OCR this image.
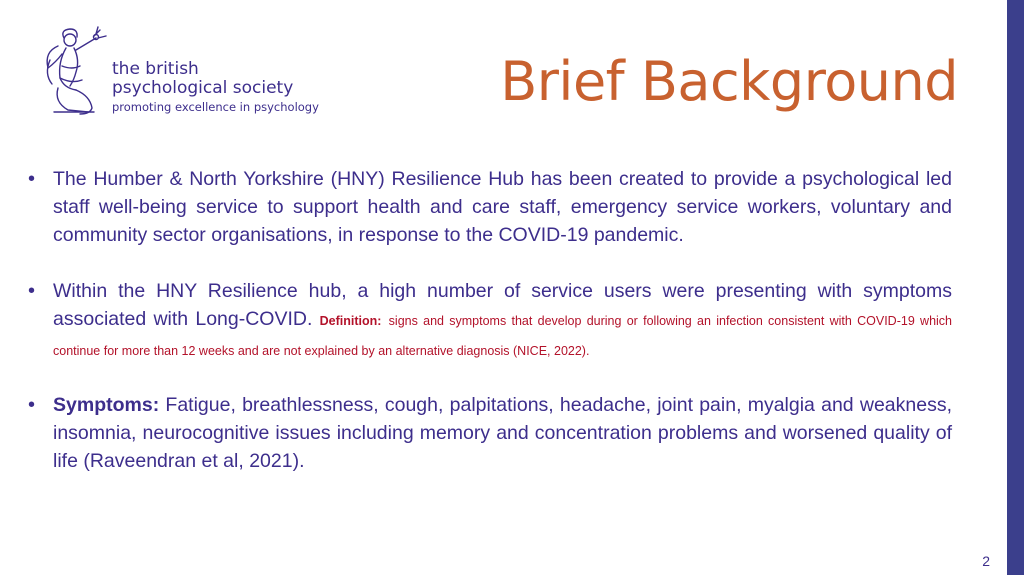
the british
psychological society
promoting excellence in psychology	Brief Background
• The Humber & North Yorkshire (HNY) Resilience Hub has been created to provide a psychological led staff well-being service to support health and care staff, emergency service workers, voluntary and community sector organisations, in response to the COVID-19 pandemic.
• Within the HNY Resilience hub, a high number of service users were presenting with symptoms associated with Long-COVID. Definition: signs and symptoms that develop during or following an infection consistent with COVID-19 which continue for more than 12 weeks and are not explained by an alternative diagnosis (NICE, 2022).
• Symptoms: Fatigue, breathlessness, cough, palpitations, headache, joint pain, myalgia and weakness, insomnia, neurocognitive issues including memory and concentration problems and worsened quality of life (Raveendran et al, 2021).
2
